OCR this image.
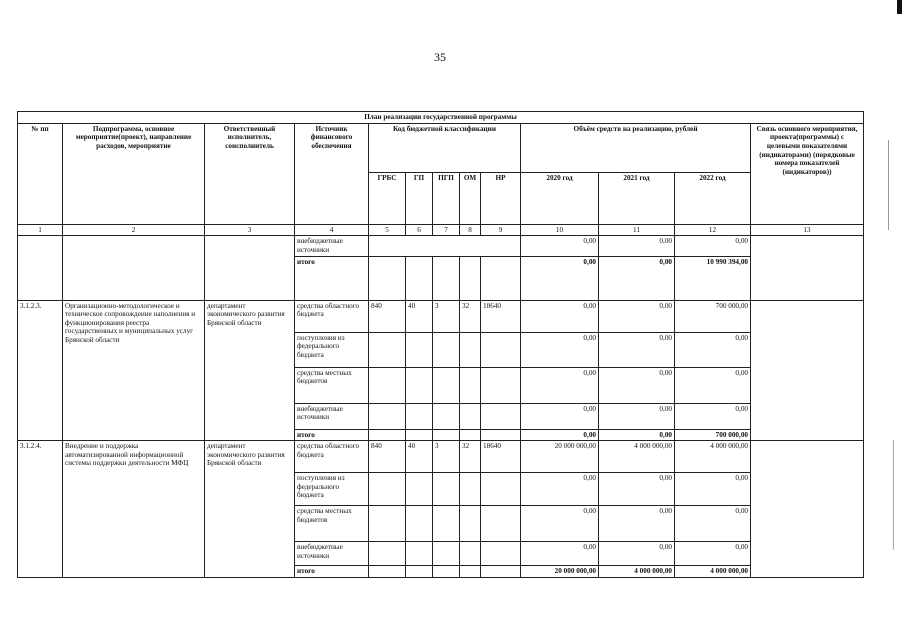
35
План реализации государственной программы												
№ пп	Подпрограмма, основное мероприятие(проект), направление расходов, мероприятие	Ответственный исполнитель, соисполнитель	Источник финансового обеспечения	Код бюджетной классификации					Объём средств на реализацию, рублей			Связь основного мероприятия, проекта(программы) с целевыми показателями (индикаторами) (порядковые номера показателей (индикаторов))
				ГРБС	ГП	ПГП	ОМ	НР	2020 год	2021 год	2022 год	
1	2	3	4	5	6	7	8	9	10	11	12	13
			внебюджетные источники						0,00	0,00	0,00	
			итого						0,00	0,00	10 990 394,00	
3.1.2.3.	Организационно-методологическое и техническое сопровождение наполнения и функционирования реестра государственных и муниципальных услуг Брянской области	департамент экономического развития Брянской области	средства областного бюджета	840	40	3	32	18640	0,00	0,00	700 000,00	
			поступления из федерального бюджета						0,00	0,00	0,00	
			средства местных бюджетов						0,00	0,00	0,00	
			внебюджетные источники						0,00	0,00	0,00	
			итого						0,00	0,00	700 000,00	
3.1.2.4.	Внедрение и поддержка автоматизированной информационной системы поддержки деятельности МФЦ	департамент экономического развития Брянской области	средства областного бюджета	840	40	3	32	18640	20 000 000,00	4 000 000,00	4 000 000,00	
			поступления из федерального бюджета						0,00	0,00	0,00	
			средства местных бюджетов						0,00	0,00	0,00	
			внебюджетные источники						0,00	0,00	0,00	
			итого						20 000 000,00	4 000 000,00	4 000 000,00	
